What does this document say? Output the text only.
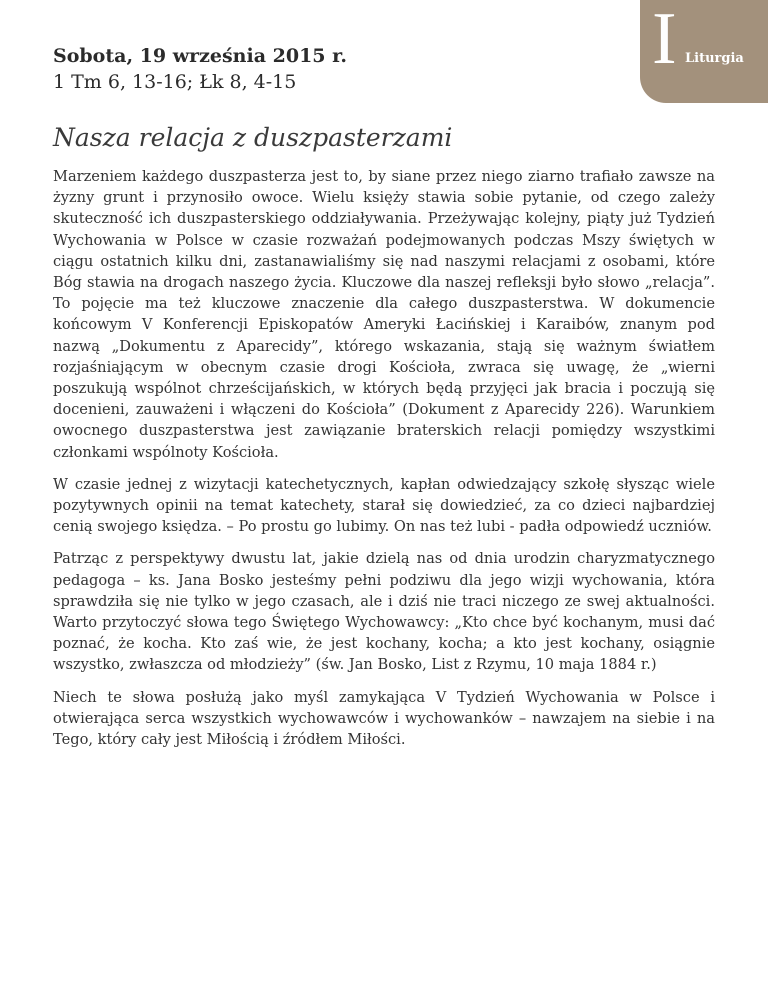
I Liturgia
Sobota, 19 września 2015 r.
1 Tm 6, 13-16; Łk 8, 4-15
Nasza relacja z duszpasterzami

Marzeniem każdego duszpasterza jest to, by siane przez niego ziarno trafiało zawsze na żyzny grunt i przynosiło owoce. Wielu księży stawia sobie pytanie, od czego zależy skuteczność ich duszpasterskiego oddziaływania. Przeżywając kolejny, piąty już Tydzień Wychowania w Polsce w czasie rozważań podejmowanych podczas Mszy świętych w ciągu ostatnich kilku dni, zastanawialiśmy się nad naszymi relacjami z osobami, które Bóg stawia na drogach naszego życia. Kluczowe dla naszej refleksji było słowo „relacja”. To pojęcie ma też kluczowe znaczenie dla całego duszpasterstwa. W dokumencie końcowym V Konferencji Episkopatów Ameryki Łacińskiej i Karaibów, znanym pod nazwą „Dokumentu z Aparecidy”, którego wskazania, stają się ważnym światłem rozjaśniającym w obecnym czasie drogi Kościoła, zwraca się uwagę, że „wierni poszukują wspólnot chrześcijańskich, w których będą przyjęci jak bracia i poczują się docenieni, zauważeni i włączeni do Kościoła” (Dokument z Aparecidy 226). Warunkiem owocnego duszpasterstwa jest zawiązanie braterskich relacji pomiędzy wszystkimi członkami wspólnoty Kościoła.

W czasie jednej z wizytacji katechetycznych, kapłan odwiedzający szkołę słysząc wiele pozytywnych opinii na temat katechety, starał się dowiedzieć, za co dzieci najbardziej cenią swojego księdza. – Po prostu go lubimy. On nas też lubi - padła odpowiedź uczniów.

Patrząc z perspektywy dwustu lat, jakie dzielą nas od dnia urodzin charyzmatycznego pedagoga – ks. Jana Bosko jesteśmy pełni podziwu dla jego wizji wychowania, która sprawdziła się nie tylko w jego czasach, ale i dziś nie traci niczego ze swej aktualności. Warto przytoczyć słowa tego Świętego Wychowawcy: „Kto chce być kochanym, musi dać poznać, że kocha. Kto zaś wie, że jest kochany, kocha; a kto jest kochany, osiągnie wszystko, zwłaszcza od młodzieży” (św. Jan Bosko, List z Rzymu, 10 maja 1884 r.)

Niech te słowa posłużą jako myśl zamykająca V Tydzień Wychowania w Polsce i otwierająca serca wszystkich wychowawców i wychowanków – nawzajem na siebie i na Tego, który cały jest Miłością i źródłem Miłości.
